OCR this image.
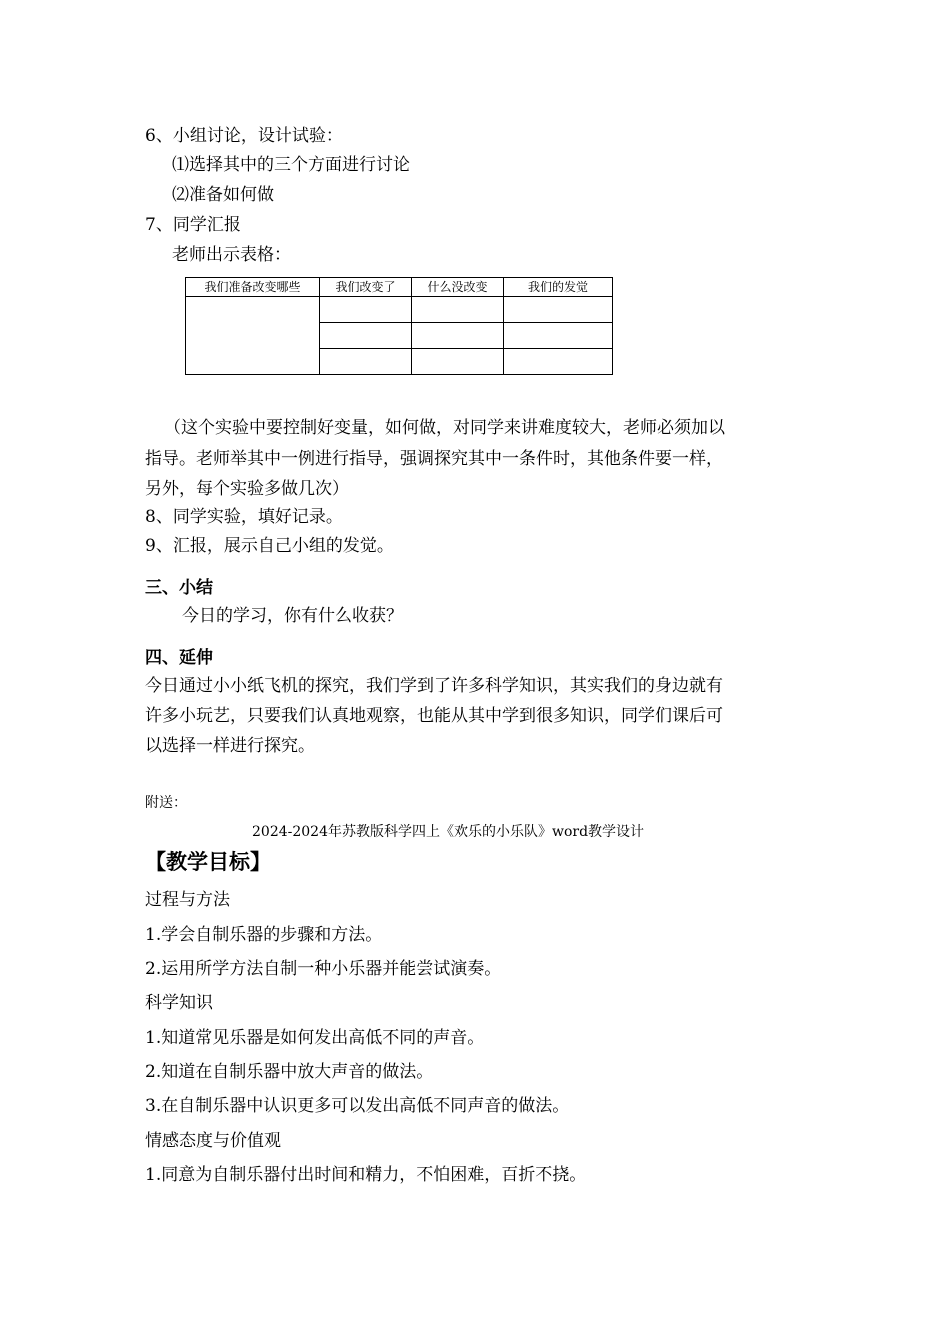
6、小组讨论，设计试验：
⑴选择其中的三个方面进行讨论
⑵准备如何做
7、同学汇报
老师出示表格：
我们准备改变哪些	我们改变了	什么没改变	我们的发觉

（这个实验中要控制好变量，如何做，对同学来讲难度较大，老师必须加以
指导。老师举其中一例进行指导，强调探究其中一条件时，其他条件要一样，
另外，每个实验多做几次）
8、同学实验，填好记录。
9、汇报，展示自己小组的发觉。
三、小结
今日的学习，你有什么收获？
四、延伸
今日通过小小纸飞机的探究，我们学到了许多科学知识，其实我们的身边就有
许多小玩艺，只要我们认真地观察，也能从其中学到很多知识，同学们课后可
以选择一样进行探究。
附送：
2024-2024年苏教版科学四上《欢乐的小乐队》word教学设计
【教学目标】
过程与方法
1.学会自制乐器的步骤和方法。
2.运用所学方法自制一种小乐器并能尝试演奏。
科学知识
1.知道常见乐器是如何发出高低不同的声音。
2.知道在自制乐器中放大声音的做法。
3.在自制乐器中认识更多可以发出高低不同声音的做法。
情感态度与价值观
1.同意为自制乐器付出时间和精力，不怕困难，百折不挠。
